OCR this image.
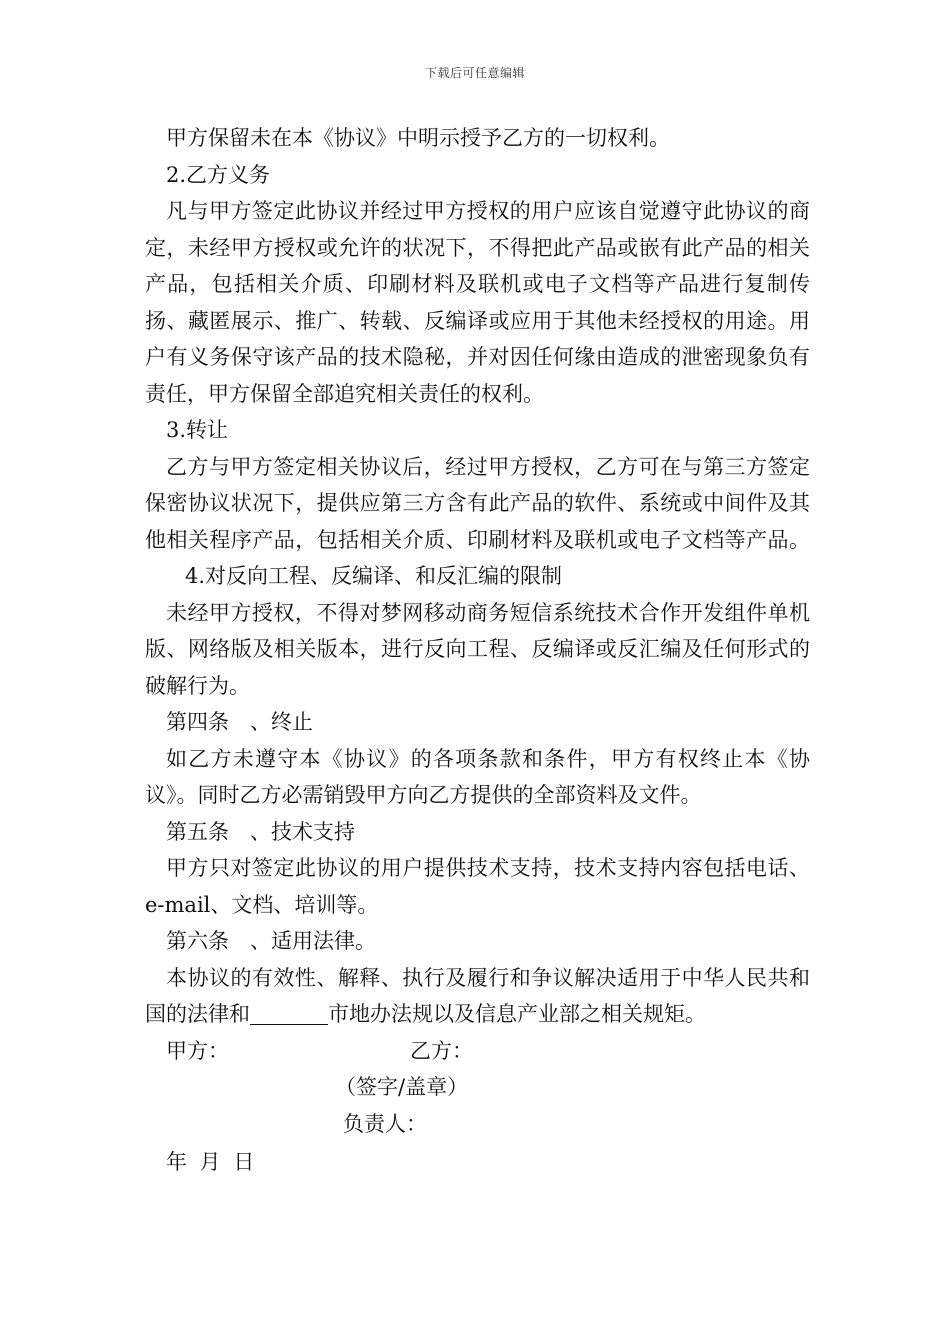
下载后可任意编辑

甲方保留未在本《协议》中明示授予乙方的一切权利。

2.乙方义务

凡与甲方签定此协议并经过甲方授权的用户应该自觉遵守此协议的商定，未经甲方授权或允许的状况下，不得把此产品或嵌有此产品的相关产品，包括相关介质、印刷材料及联机或电子文档等产品进行复制传扬、藏匿展示、推广、转载、反编译或应用于其他未经授权的用途。用户有义务保守该产品的技术隐秘，并对因任何缘由造成的泄密现象负有责任，甲方保留全部追究相关责任的权利。

3.转让

乙方与甲方签定相关协议后，经过甲方授权，乙方可在与第三方签定保密协议状况下，提供应第三方含有此产品的软件、系统或中间件及其他相关程序产品，包括相关介质、印刷材料及联机或电子文档等产品。4.对反向工程、反编译、和反汇编的限制

未经甲方授权，不得对梦网移动商务短信系统技术合作开发组件单机版、网络版及相关版本，进行反向工程、反编译或反汇编及任何形式的破解行为。

第四条　、终止

如乙方未遵守本《协议》的各项条款和条件，甲方有权终止本《协议》。同时乙方必需销毁甲方向乙方提供的全部资料及文件。

第五条　、技术支持

甲方只对签定此协议的用户提供技术支持，技术支持内容包括电话、e-mail、文档、培训等。

第六条　、适用法律。

本协议的有效性、解释、执行及履行和争议解决适用于中华人民共和国的法律和	市地办法规以及信息产业部之相关规矩。

甲方：	乙方：
（签字/盖章）
负责人：
年 月 日
